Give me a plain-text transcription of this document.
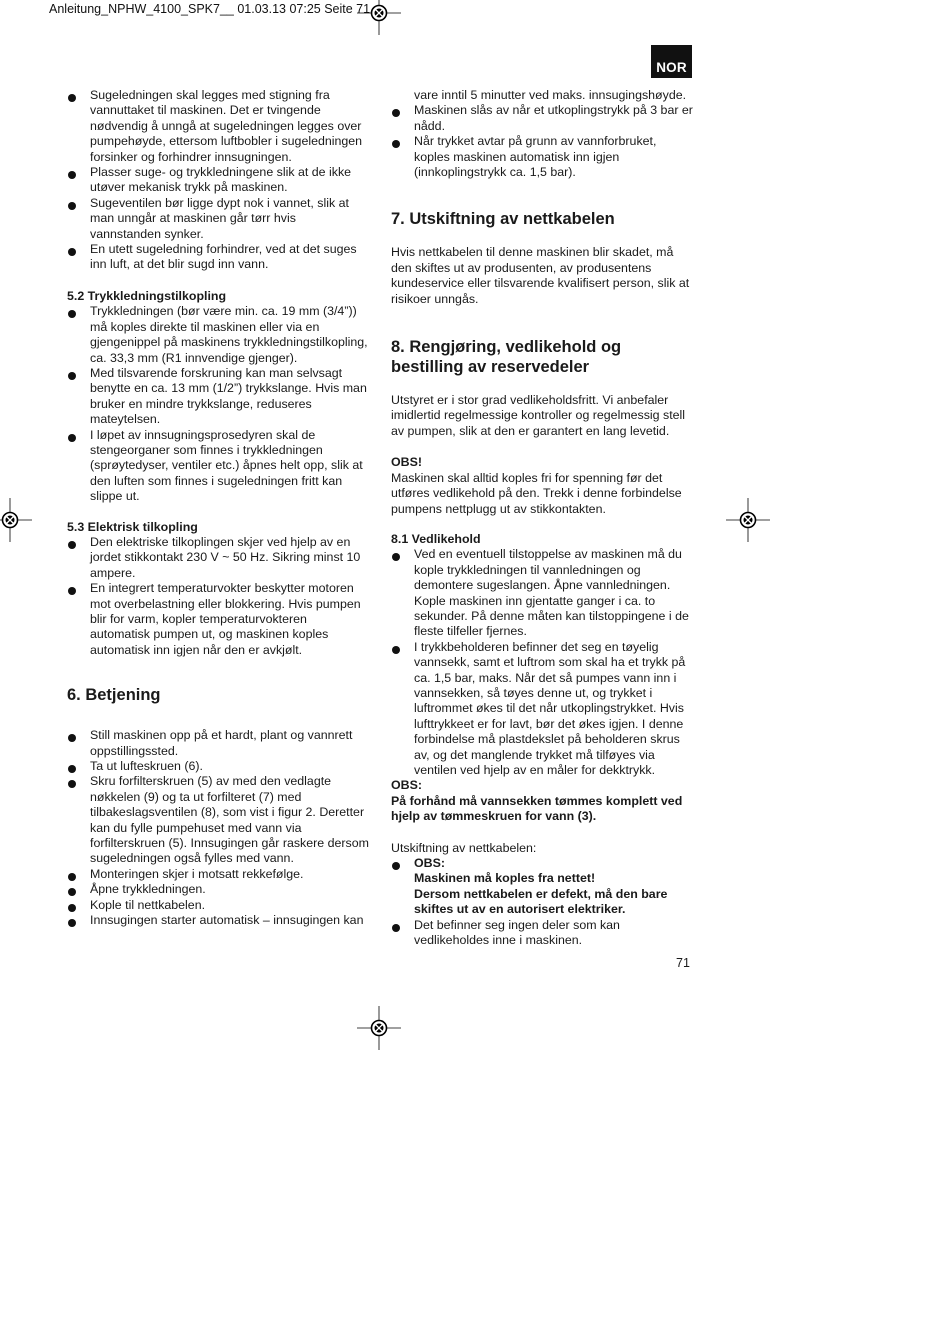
Anleitung_NPHW_4100_SPK7__ 01.03.13 07:25 Seite 71
NOR
Sugeledningen skal legges med stigning fra vannuttaket til maskinen. Det er tvingende nødvendig å unngå at sugeledningen legges over pumpehøyde, ettersom luftbobler i sugeledningen forsinker og forhindrer innsugningen.
Plasser suge- og trykkledningene slik at de ikke utøver mekanisk trykk på maskinen.
Sugeventilen bør ligge dypt nok i vannet, slik at man unngår at maskinen går tørr hvis vannstanden synker.
En utett sugeledning forhindrer, ved at det suges inn luft, at det blir sugd inn vann.

5.2 Trykkledningstilkopling

Trykkledningen (bør være min. ca. 19 mm (3/4”)) må koples direkte til maskinen eller via en gjengenippel på maskinens trykkledningstilkopling, ca. 33,3 mm (R1 innvendige gjenger).
Med tilsvarende forskruning kan man selvsagt benytte en ca. 13 mm (1/2”) trykkslange. Hvis man bruker en mindre trykkslange, reduseres mateytelsen.
I løpet av innsugningsprosedyren skal de stengeorganer som finnes i trykkledningen (sprøytedyser, ventiler etc.) åpnes helt opp, slik at den luften som finnes i sugeledningen fritt kan slippe ut.

5.3 Elektrisk tilkopling

Den elektriske tilkoplingen skjer ved hjelp av en jordet stikkontakt 230 V ~ 50 Hz. Sikring minst 10 ampere.
En integrert temperaturvokter beskytter motoren mot overbelastning eller blokkering. Hvis pumpen blir for varm, kopler temperaturvokteren automatisk pumpen ut, og maskinen koples automatisk inn igjen når den er avkjølt.
6. Betjening
Still maskinen opp på et hardt, plant og vannrett oppstillingssted.
Ta ut lufteskruen (6).
Skru forfilterskruen (5) av med den vedlagte nøkkelen (9) og ta ut forfilteret (7) med tilbakeslagsventilen (8), som vist i figur 2. Deretter kan du fylle pumpehuset med vann via forfilterskruen (5). Innsugingen går raskere dersom sugeledningen også fylles med vann.
Monteringen skjer i motsatt rekkefølge.
Åpne trykkledningen.
Kople til nettkabelen.
Innsugingen starter automatisk – innsugingen kan
vare inntil 5 minutter ved maks. innsugingshøyde.
Maskinen slås av når et utkoplingstrykk på 3 bar er nådd.
Når trykket avtar på grunn av vannforbruket, koples maskinen automatisk inn igjen (innkoplingstrykk ca. 1,5 bar).
7. Utskiftning av nettkabelen

Hvis nettkabelen til denne maskinen blir skadet, må den skiftes ut av produsenten, av produsentens kundeservice eller tilsvarende kvalifisert person, slik at risikoer unngås.

8. Rengjøring, vedlikehold og bestilling av reservedeler

Utstyret er i stor grad vedlikeholdsfritt. Vi anbefaler imidlertid regelmessige kontroller og regelmessig stell av pumpen, slik at den er garantert en lang levetid.

OBS!

Maskinen skal alltid koples fri for spenning før det utføres vedlikehold på den. Trekk i denne forbindelse pumpens nettplugg ut av stikkontakten.

8.1 Vedlikehold

Ved en eventuell tilstoppelse av maskinen må du kople trykkledningen til vannledningen og demontere sugeslangen. Åpne vannledningen. Kople maskinen inn gjentatte ganger i ca. to sekunder. På denne måten kan tilstoppingene i de fleste tilfeller fjernes.
I trykkbeholderen befinner det seg en tøyelig vannsekk, samt et luftrom som skal ha et trykk på ca. 1,5 bar, maks. Når det så pumpes vann inn i vannsekken, så tøyes denne ut, og trykket i luftrommet økes til det når utkoplingstrykket. Hvis lufttrykkeet er for lavt, bør det økes igjen. I denne forbindelse må plastdekslet på beholderen skrus av, og det manglende trykket må tilføyes via ventilen ved hjelp av en måler for dekktrykk.

OBS:

På forhånd må vannsekken tømmes komplett ved hjelp av tømmeskruen for vann (3).

Utskiftning av nettkabelen:

OBS:
Maskinen må koples fra nettet!
Dersom nettkabelen er defekt, må den bare skiftes ut av en autorisert elektriker.
Det befinner seg ingen deler som kan vedlikeholdes inne i maskinen.
71
